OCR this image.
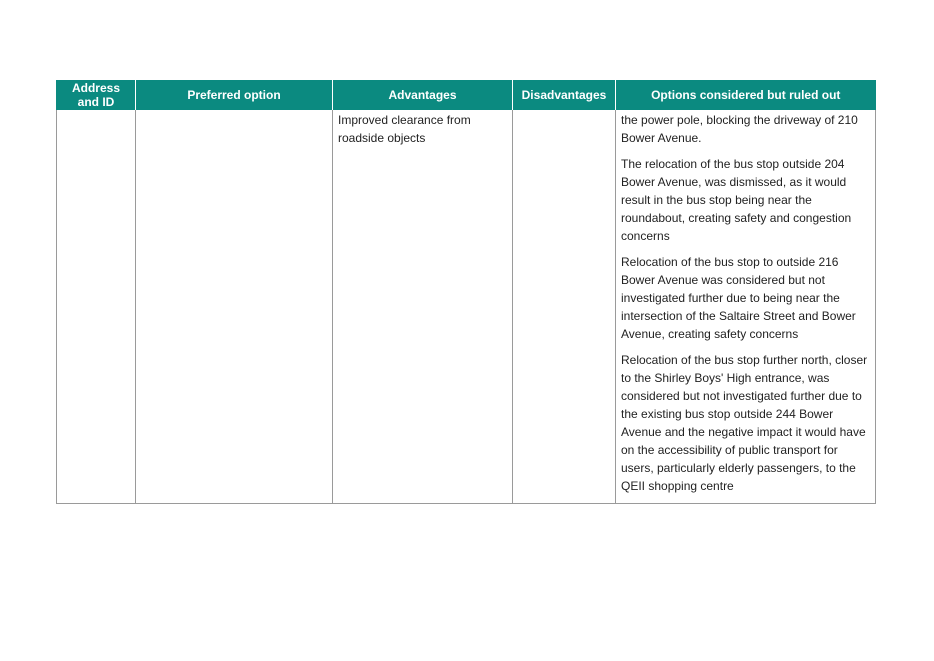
Address and ID	Preferred option	Advantages	Disadvantages	Options considered but ruled out

		Improved clearance from roadside objects		the power pole, blocking the driveway of 210 Bower Avenue.

The relocation of the bus stop outside 204 Bower Avenue, was dismissed, as it would result in the bus stop being near the roundabout, creating safety and congestion concerns

Relocation of the bus stop to outside 216 Bower Avenue was considered but not investigated further due to being near the intersection of the Saltaire Street and Bower Avenue, creating safety concerns

Relocation of the bus stop further north, closer to the Shirley Boys' High entrance, was considered but not investigated further due to the existing bus stop outside 244 Bower Avenue and the negative impact it would have on the accessibility of public transport for users, particularly elderly passengers, to the QEII shopping centre
